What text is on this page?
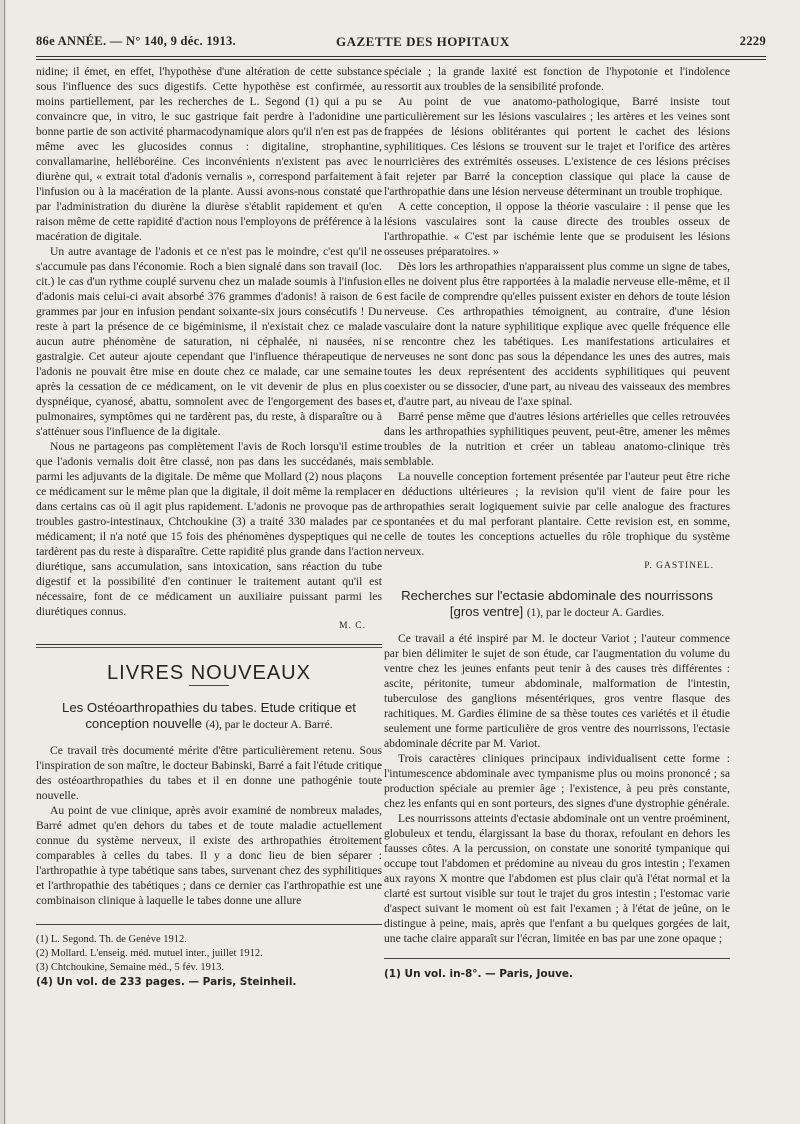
86e ANNÉE. — N° 140, 9 déc. 1913.	GAZETTE DES HOPITAUX	2229

nidine; il émet, en effet, l'hypothèse d'une altération de cette substance sous l'influence des sucs digestifs. Cette hypothèse est confirmée, au moins partiellement, par les recherches de L. Segond (1) qui a pu se convaincre que, in vitro, le suc gastrique fait perdre à l'adonidine une bonne partie de son activité pharmacodynamique alors qu'il n'en est pas de même avec les glucosides connus : digitaline, strophantine, convallamarine, helléboréine. Ces inconvénients n'existent pas avec le diurène qui, « extrait total d'adonis vernalis », correspond parfaitement à l'infusion ou à la macération de la plante. Aussi avons-nous constaté que par l'administration du diurène la diurèse s'établit rapidement et qu'en raison même de cette rapidité d'action nous l'employons de préférence à la macération de digitale.

Un autre avantage de l'adonis et ce n'est pas le moindre, c'est qu'il ne s'accumule pas dans l'économie. Roch a bien signalé dans son travail (loc. cit.) le cas d'un rythme couplé survenu chez un malade soumis à l'infusion d'adonis mais celui-ci avait absorbé 376 grammes d'adonis! à raison de 6 grammes par jour en infusion pendant soixante-six jours consécutifs ! Du reste à part la présence de ce bigéminisme, il n'existait chez ce malade aucun autre phénomène de saturation, ni céphalée, ni nausées, ni gastralgie. Cet auteur ajoute cependant que l'influence thérapeutique de l'adonis ne pouvait être mise en doute chez ce malade, car une semaine après la cessation de ce médicament, on le vit devenir de plus en plus dyspnéique, cyanosé, abattu, somnolent avec de l'engorgement des bases pulmonaires, symptômes qui ne tardèrent pas, du reste, à disparaître ou à s'atténuer sous l'influence de la digitale.

Nous ne partageons pas complètement l'avis de Roch lorsqu'il estime que l'adonis vernalis doit être classé, non pas dans les succédanés, mais parmi les adjuvants de la digitale. De même que Mollard (2) nous plaçons ce médicament sur le même plan que la digitale, il doit même la remplacer dans certains cas où il agit plus rapidement. L'adonis ne provoque pas de troubles gastro-intestinaux, Chtchoukine (3) a traité 330 malades par ce médicament; il n'a noté que 15 fois des phénomènes dyspeptiques qui ne tardèrent pas du reste à disparaître. Cette rapidité plus grande dans l'action diurétique, sans accumulation, sans intoxication, sans réaction du tube digestif et la possibilité d'en continuer le traitement autant qu'il est nécessaire, font de ce médicament un auxiliaire puissant parmi les diurétiques connus.

M. C.
LIVRES NOUVEAUX
Les Ostéoarthropathies du tabes. Etude critique et conception nouvelle (4), par le docteur A. Barré.

Ce travail très documenté mérite d'être particulièrement retenu. Sous l'inspiration de son maître, le docteur Babinski, Barré a fait l'étude critique des ostéoarthropathies du tabes et il en donne une pathogénie toute nouvelle.

Au point de vue clinique, après avoir examiné de nombreux malades, Barré admet qu'en dehors du tabes et de toute maladie actuellement connue du système nerveux, il existe des arthropathies étroitement comparables à celles du tabes. Il y a donc lieu de bien séparer : l'arthropathie à type tabétique sans tabes, survenant chez des syphilitiques et l'arthropathie des tabétiques ; dans ce dernier cas l'arthropathie est une combinaison clinique à laquelle le tabes donne une allure

(1) L. Segond. Th. de Genève 1912.

(2) Mollard. L'enseig. méd. mutuel inter., juillet 1912.

(3) Chtchoukine, Semaine méd., 5 fév. 1913.

(4) Un vol. de 233 pages. — Paris, Steinheil.

spéciale ; la grande laxité est fonction de l'hypotonie et l'indolence ressortit aux troubles de la sensibilité profonde.

Au point de vue anatomo-pathologique, Barré insiste tout particulièrement sur les lésions vasculaires ; les artères et les veines sont frappées de lésions oblitérantes qui portent le cachet des lésions syphilitiques. Ces lésions se trouvent sur le trajet et l'orifice des artères nourricières des extrémités osseuses. L'existence de ces lésions précises fait rejeter par Barré la conception classique qui place la cause de l'arthropathie dans une lésion nerveuse déterminant un trouble trophique.

A cette conception, il oppose la théorie vasculaire : il pense que les lésions vasculaires sont la cause directe des troubles osseux de l'arthropathie. « C'est par ischémie lente que se produisent les lésions osseuses préparatoires. »

Dès lors les arthropathies n'apparaissent plus comme un signe de tabes, elles ne doivent plus être rapportées à la maladie nerveuse elle-même, et il est facile de comprendre qu'elles puissent exister en dehors de toute lésion nerveuse. Ces arthropathies témoignent, au contraire, d'une lésion vasculaire dont la nature syphilitique explique avec quelle fréquence elle se rencontre chez les tabétiques. Les manifestations articulaires et nerveuses ne sont donc pas sous la dépendance les unes des autres, mais toutes les deux représentent des accidents syphilitiques qui peuvent coexister ou se dissocier, d'une part, au niveau des vaisseaux des membres et, d'autre part, au niveau de l'axe spinal.

Barré pense même que d'autres lésions artérielles que celles retrouvées dans les arthropathies syphilitiques peuvent, peut-être, amener les mêmes troubles de la nutrition et créer un tableau anatomo-clinique très semblable.

La nouvelle conception fortement présentée par l'auteur peut être riche en déductions ultérieures ; la revision qu'il vient de faire pour les arthropathies serait logiquement suivie par celle analogue des fractures spontanées et du mal perforant plantaire. Cette revision est, en somme, celle de toutes les conceptions actuelles du rôle trophique du système nerveux.

P. GASTINEL.
Recherches sur l'ectasie abdominale des nourrissons [gros ventre] (1), par le docteur A. Gardies.

Ce travail a été inspiré par M. le docteur Variot ; l'auteur commence par bien délimiter le sujet de son étude, car l'augmentation du volume du ventre chez les jeunes enfants peut tenir à des causes très différentes : ascite, péritonite, tumeur abdominale, malformation de l'intestin, tuberculose des ganglions mésentériques, gros ventre flasque des rachitiques. M. Gardies élimine de sa thèse toutes ces variétés et il étudie seulement une forme particulière de gros ventre des nourrissons, l'ectasie abdominale décrite par M. Variot.

Trois caractères cliniques principaux individualisent cette forme : l'intumescence abdominale avec tympanisme plus ou moins prononcé ; sa production spéciale au premier âge ; l'existence, à peu près constante, chez les enfants qui en sont porteurs, des signes d'une dystrophie générale.

Les nourrissons atteints d'ectasie abdominale ont un ventre proéminent, globuleux et tendu, élargissant la base du thorax, refoulant en dehors les fausses côtes. A la percussion, on constate une sonorité tympanique qui occupe tout l'abdomen et prédomine au niveau du gros intestin ; l'examen aux rayons X montre que l'abdomen est plus clair qu'à l'état normal et la clarté est surtout visible sur tout le trajet du gros intestin ; l'estomac varie d'aspect suivant le moment où est fait l'examen ; à l'état de jeûne, on le distingue à peine, mais, après que l'enfant a bu quelques gorgées de lait, une tache claire apparaît sur l'écran, limitée en bas par une zone opaque ;

(1) Un vol. in-8°. — Paris, Jouve.
